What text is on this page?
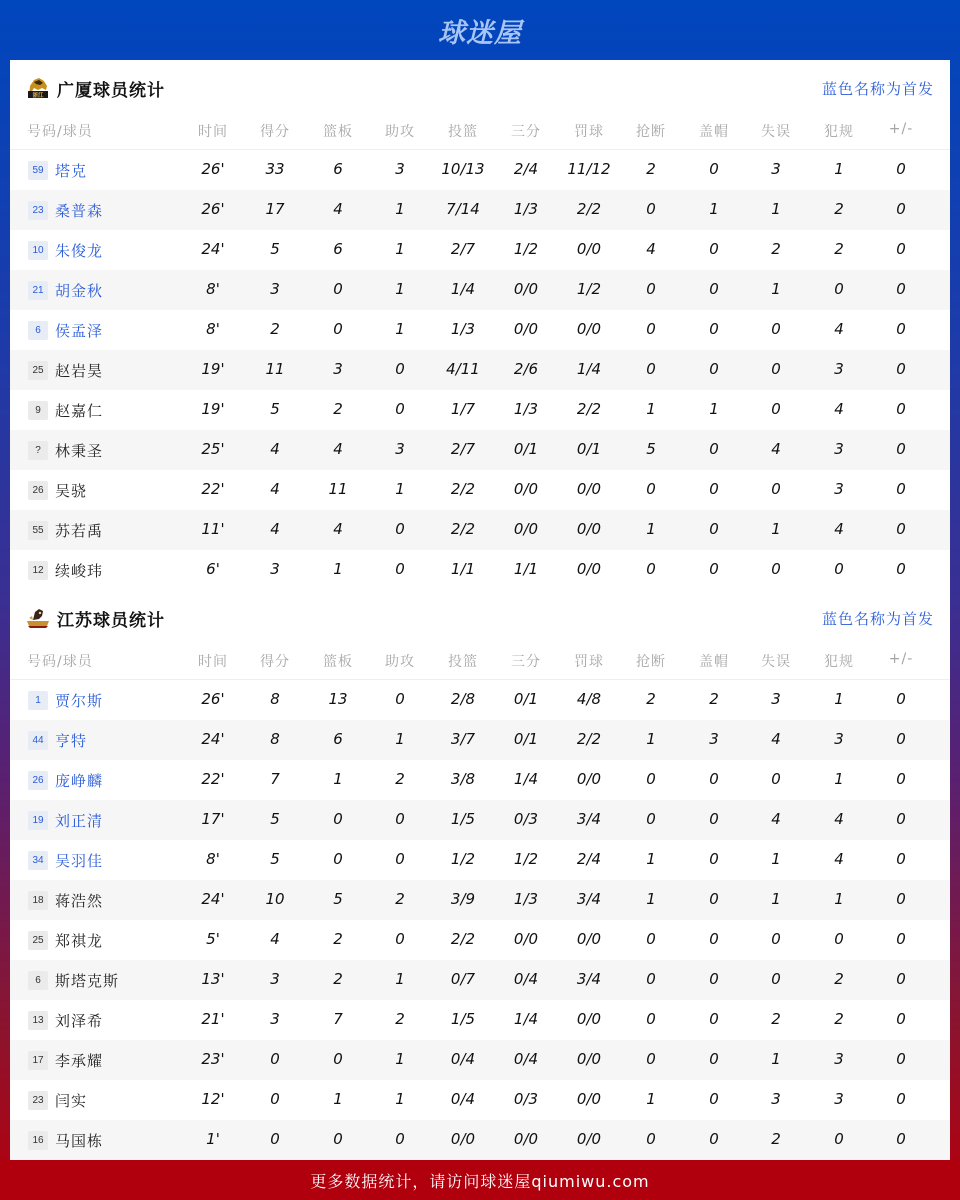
球迷屋
浙江 广厦球员统计	蓝色名称为首发
号码/球员	时间	得分	篮板	助攻	投篮	三分	罚球	抢断	盖帽	失误	犯规	+/-
59 塔克	26'	33	6	3	10/13	2/4	11/12	2	0	3	1	0
23 桑普森	26'	17	4	1	7/14	1/3	2/2	0	1	1	2	0
10 朱俊龙	24'	5	6	1	2/7	1/2	0/0	4	0	2	2	0
21 胡金秋	8'	3	0	1	1/4	0/0	1/2	0	0	1	0	0
6 侯孟泽	8'	2	0	1	1/3	0/0	0/0	0	0	0	4	0
25 赵岩昊	19'	11	3	0	4/11	2/6	1/4	0	0	0	3	0
9 赵嘉仁	19'	5	2	0	1/7	1/3	2/2	1	1	0	4	0
? 林秉圣	25'	4	4	3	2/7	0/1	0/1	5	0	4	3	0
26 吴骁	22'	4	11	1	2/2	0/0	0/0	0	0	0	3	0
55 苏若禹	11'	4	4	0	2/2	0/0	0/0	1	0	1	4	0
12 续峻玮	6'	3	1	0	1/1	1/1	0/0	0	0	0	0	0
江苏球员统计	蓝色名称为首发
号码/球员	时间	得分	篮板	助攻	投篮	三分	罚球	抢断	盖帽	失误	犯规	+/-
1 贾尔斯	26'	8	13	0	2/8	0/1	4/8	2	2	3	1	0
44 亨特	24'	8	6	1	3/7	0/1	2/2	1	3	4	3	0
26 庞峥麟	22'	7	1	2	3/8	1/4	0/0	0	0	0	1	0
19 刘正清	17'	5	0	0	1/5	0/3	3/4	0	0	4	4	0
34 吴羽佳	8'	5	0	0	1/2	1/2	2/4	1	0	1	4	0
18 蒋浩然	24'	10	5	2	3/9	1/3	3/4	1	0	1	1	0
25 郑祺龙	5'	4	2	0	2/2	0/0	0/0	0	0	0	0	0
6 斯塔克斯	13'	3	2	1	0/7	0/4	3/4	0	0	0	2	0
13 刘泽希	21'	3	7	2	1/5	1/4	0/0	0	0	2	2	0
17 李承耀	23'	0	0	1	0/4	0/4	0/0	0	0	1	3	0
23 闫实	12'	0	1	1	0/4	0/3	0/0	1	0	3	3	0
16 马国栋	1'	0	0	0	0/0	0/0	0/0	0	0	2	0	0
更多数据统计，请访问球迷屋qiumiwu.com
